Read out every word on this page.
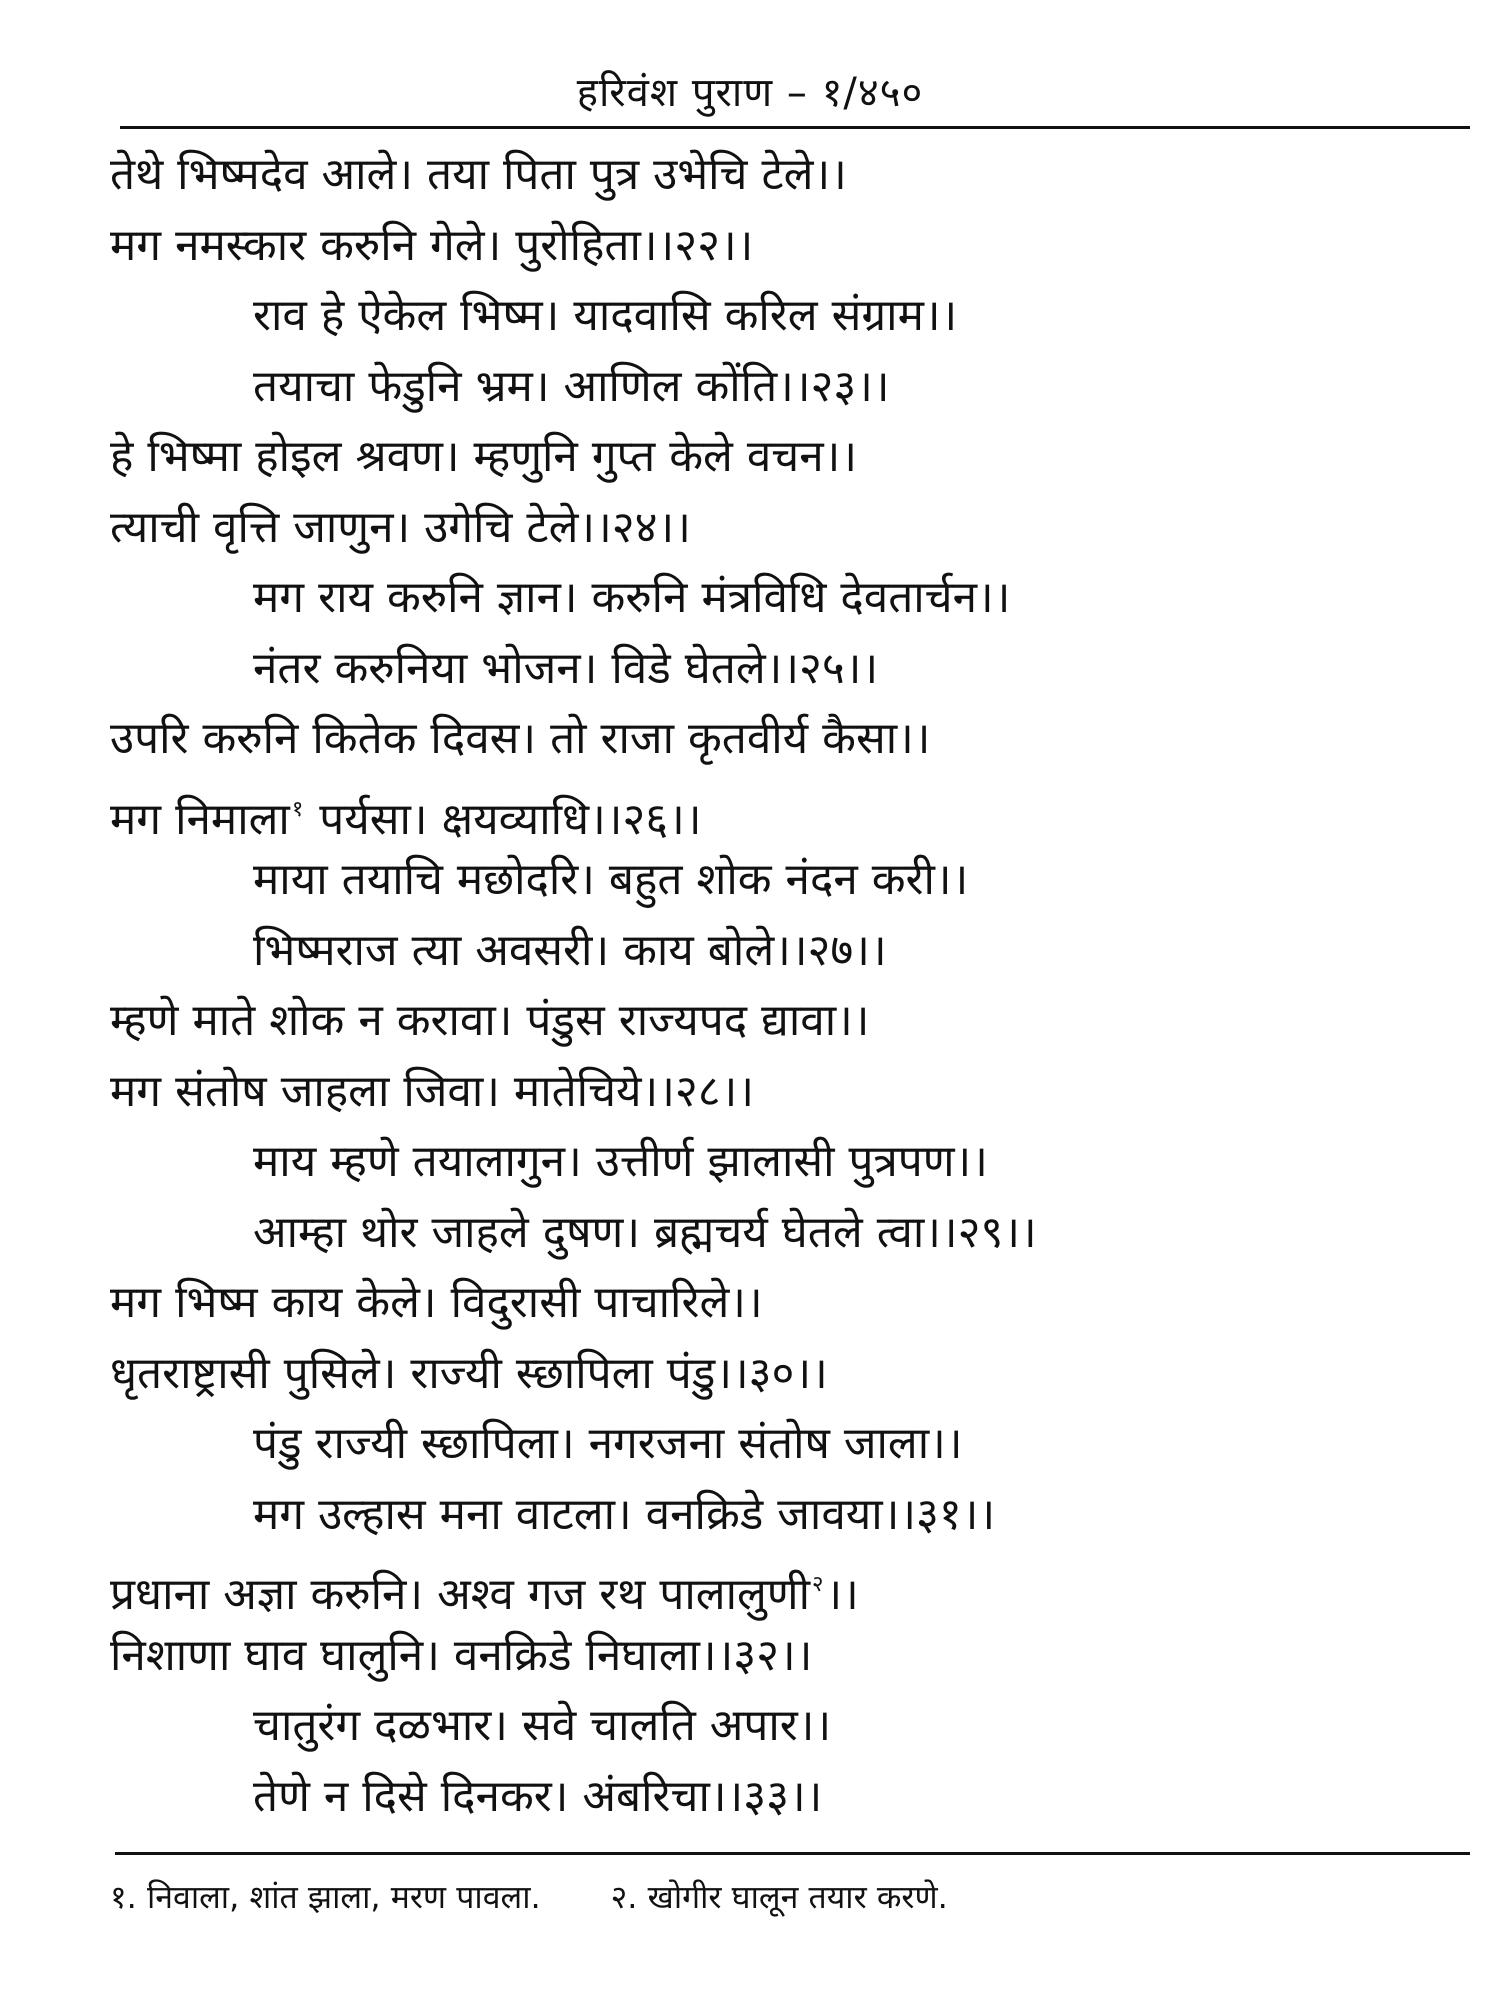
हरिवंश पुराण – १/४५०
तेथे भिष्मदेव आले। तया पिता पुत्र उभेचि टेले।।
मग नमस्कार करुनि गेले। पुरोहिता।।२२।।
राव हे ऐकेल भिष्म। यादवासि करिल संग्राम।।
तयाचा फेडुनि भ्रम। आणिल कोंति।।२३।।
हे भिष्मा होइल श्रवण। म्हणुनि गुप्त केले वचन।।
त्याची वृत्ति जाणुन। उगेचि टेले।।२४।।
मग राय करुनि ज्ञान। करुनि मंत्रविधि देवतार्चन।।
नंतर करुनिया भोजन। विडे घेतले।।२५।।
उपरि करुनि कितेक दिवस। तो राजा कृतवीर्य कैसा।।
मग निमाला$^१$ पर्यसा। क्षयव्याधि।।२६।।
माया तयाचि मछोदरि। बहुत शोक नंदन करी।।
भिष्मराज त्या अवसरी। काय बोले।।२७।।
म्हणे माते शोक न करावा। पंडुस राज्यपद द्यावा।।
मग संतोष जाहला जिवा। मातेचिये।।२८।।
माय म्हणे तयालागुन। उत्तीर्ण झालासी पुत्रपण।।
आम्हा थोर जाहले दुषण। ब्रह्मचर्य घेतले त्वा।।२९।।
मग भिष्म काय केले। विदुरासी पाचारिले।।
धृतराष्ट्रासी पुसिले। राज्यी स्छापिला पंडु।।३०।।
पंडु राज्यी स्छापिला। नगरजना संतोष जाला।।
मग उल्हास मना वाटला। वनक्रिडे जावया।।३१।।
प्रधाना अज्ञा करुनि। अश्व गज रथ पालालुणी$^२$।।
निशाणा घाव घालुनि। वनक्रिडे निघाला।।३२।।
चातुरंग दळभार। सवे चालति अपार।।
तेणे न दिसे दिनकर। अंबरिचा।।३३।।
१. निवाला, शांत झाला, मरण पावला. २. खोगीर घालून तयार करणे.
